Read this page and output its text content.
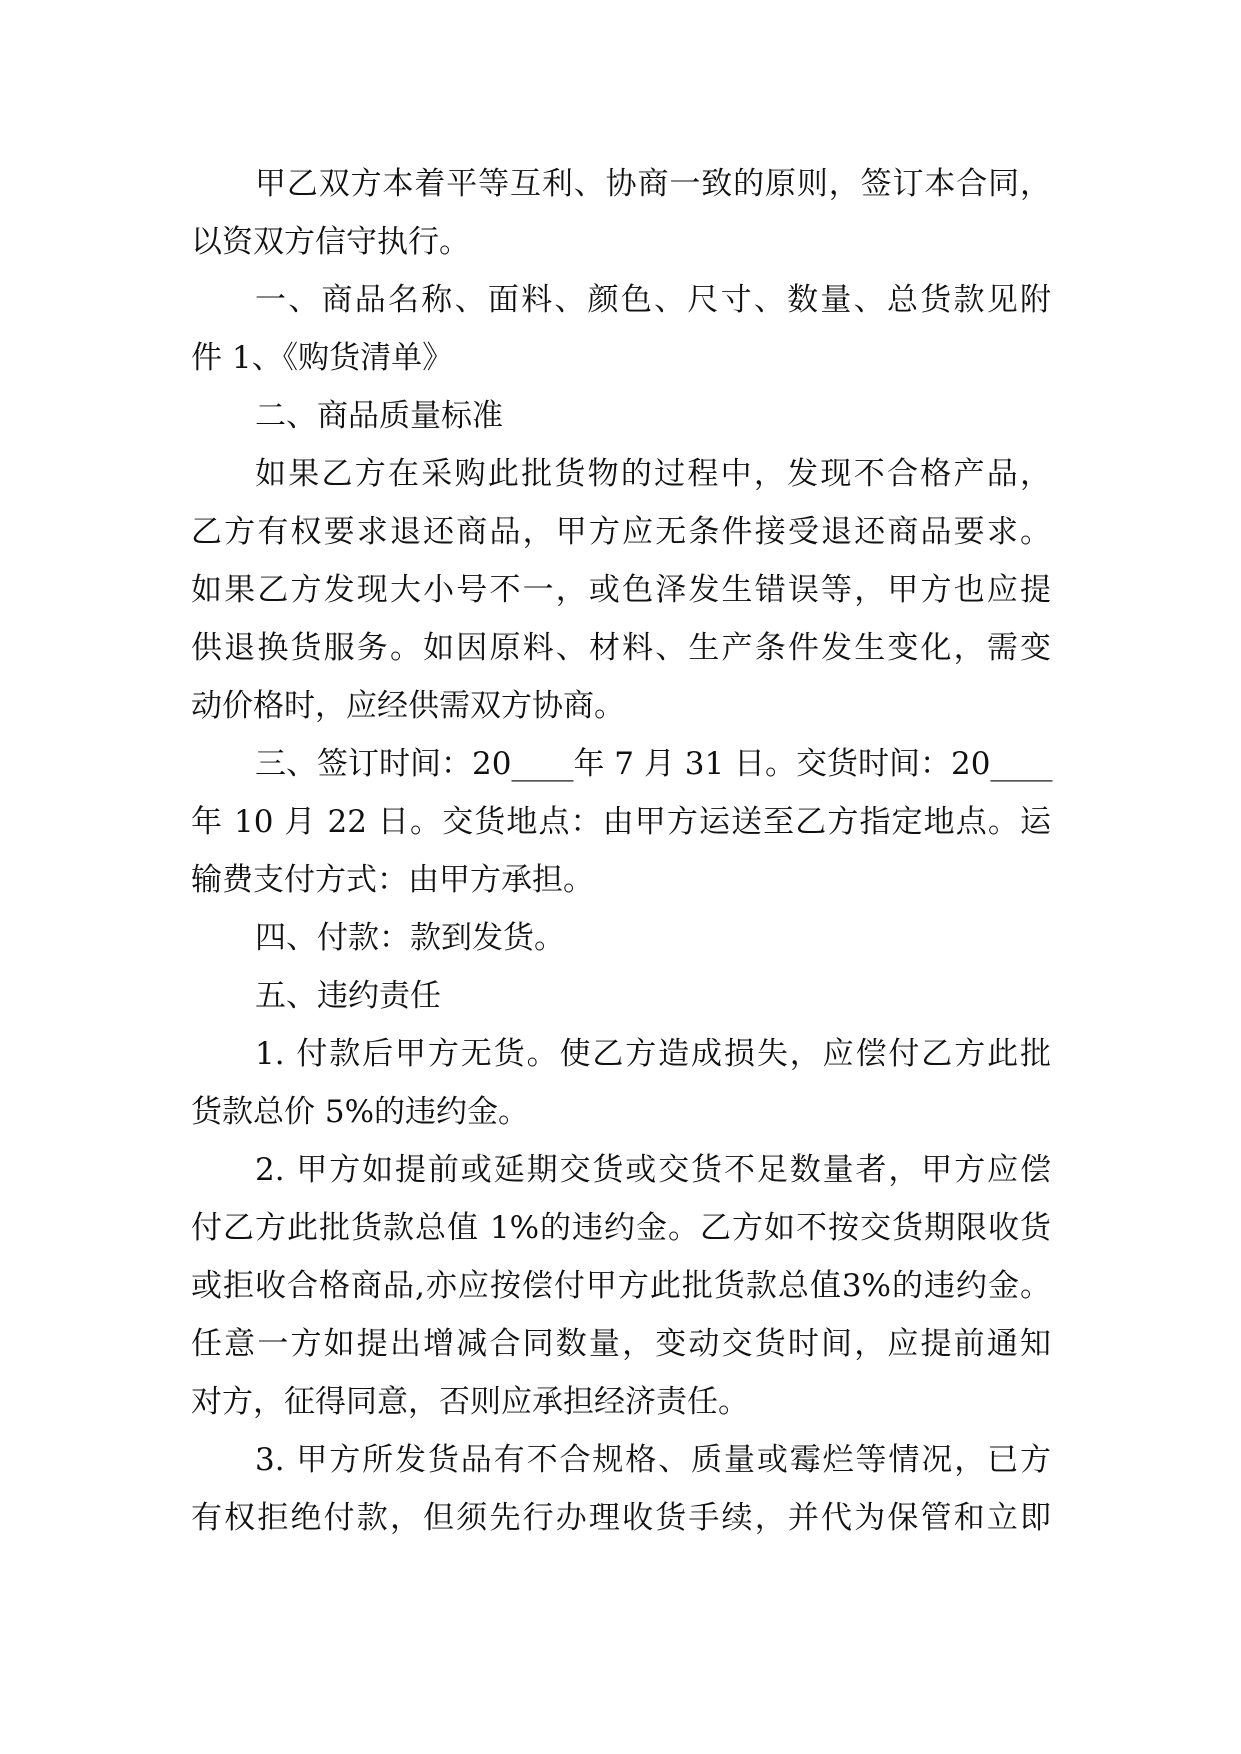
甲乙双方本着平等互利、协商一致的原则，签订本合同，
以资双方信守执行。
一、商品名称、面料、颜色、尺寸、数量、总货款见附
件 1、《购货清单》
二、商品质量标准
如果乙方在采购此批货物的过程中，发现不合格产品，
乙方有权要求退还商品，甲方应无条件接受退还商品要求。
如果乙方发现大小号不一，或色泽发生错误等，甲方也应提
供退换货服务。如因原料、材料、生产条件发生变化，需变
动价格时，应经供需双方协商。
三、签订时间：20____年 7 月 31 日。交货时间：20____
年 10 月 22 日。交货地点：由甲方运送至乙方指定地点。运
输费支付方式：由甲方承担。
四、付款：款到发货。
五、违约责任
1. 付款后甲方无货。使乙方造成损失，应偿付乙方此批
货款总价 5%的违约金。
2. 甲方如提前或延期交货或交货不足数量者，甲方应偿
付乙方此批货款总值 1%的违约金。乙方如不按交货期限收货
或拒收合格商品,亦应按偿付甲方此批货款总值3%的违约金。
任意一方如提出增减合同数量，变动交货时间，应提前通知
对方，征得同意，否则应承担经济责任。
3. 甲方所发货品有不合规格、质量或霉烂等情况，已方
有权拒绝付款，但须先行办理收货手续，并代为保管和立即
